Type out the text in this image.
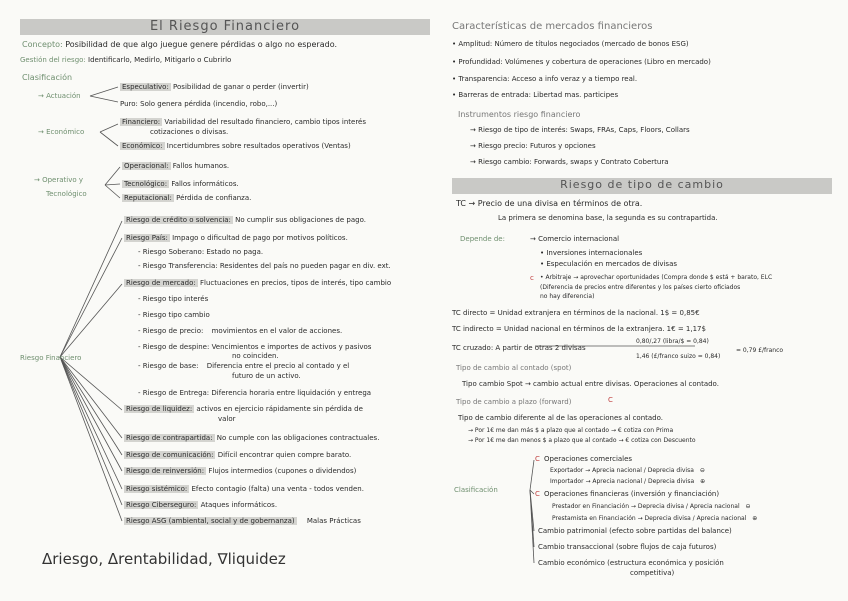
El Riesgo Financiero
Concepto: Posibilidad de que algo juegue genere pérdidas o algo no esperado.
Gestión del riesgo: Identificarlo, Medirlo, Mitigarlo o Cubrirlo
Clasificación
→ Actuación
Especulativo: Posibilidad de ganar o perder (invertir)
Puro: Solo genera pérdida (incendio, robo,...)
→ Económico
Financiero: Variabilidad del resultado financiero, cambio tipos interés
cotizaciones o divisas.
Económico: Incertidumbres sobre resultados operativos (Ventas)
→ Operativo y
Tecnológico
Operacional: Fallos humanos.
Tecnológico: Fallos informáticos.
Reputacional: Pérdida de confianza.
Riesgo Financiero
Riesgo de crédito o solvencia: No cumplir sus obligaciones de pago.
Riesgo País: Impago o dificultad de pago por motivos políticos.
- Riesgo Soberano: Estado no paga.
- Riesgo Transferencia: Residentes del país no pueden pagar en div. ext.
Riesgo de mercado: Fluctuaciones en precios, tipos de interés, tipo cambio
- Riesgo tipo interés
- Riesgo tipo cambio
- Riesgo de precio: movimientos en el valor de acciones.
- Riesgo de despine: Vencimientos e importes de activos y pasivos
no coinciden.
- Riesgo de base: Diferencia entre el precio al contado y el
futuro de un activo.
- Riesgo de Entrega: Diferencia horaria entre liquidación y entrega
Riesgo de liquidez: activos en ejercicio rápidamente sin pérdida de
valor
Riesgo de contrapartida: No cumple con las obligaciones contractuales.
Riesgo de comunicación: Difícil encontrar quien compre barato.
Riesgo de reinversión: Flujos intermedios (cupones o dividendos)
Riesgo sistémico: Efecto contagio (falta) una venta - todos venden.
Riesgo Ciberseguro: Ataques informáticos.
Riesgo ASG (ambiental, social y de gobernanza) Malas Prácticas
Δriesgo, Δrentabilidad, ∇liquidez
Características de mercados financieros
• Amplitud: Número de títulos negociados (mercado de bonos ESG)
• Profundidad: Volúmenes y cobertura de operaciones (Libro en mercado)
• Transparencia: Acceso a info veraz y a tiempo real.
• Barreras de entrada: Libertad mas. participes
Instrumentos riesgo financiero
→ Riesgo de tipo de interés: Swaps, FRAs, Caps, Floors, Collars
→ Riesgo precio: Futuros y opciones
→ Riesgo cambio: Forwards, swaps y Contrato Cobertura
Riesgo de tipo de cambio
TC → Precio de una divisa en términos de otra.
La primera se denomina base, la segunda es su contrapartida.
Depende de:	→ Comercio internacional
• Inversiones internacionales
• Especulación en mercados de divisas
c • Arbitraje → aprovechar oportunidades (Compra donde $ está + barato, ELC
(Diferencia de precios entre diferentes y los países cierto oficiados
no hay diferencia)
TC directo = Unidad extranjera en términos de la nacional. 1$ = 0,85€
TC indirecto = Unidad nacional en términos de la extranjera. 1€ = 1,17$
TC cruzado: A partir de otras 2 divisas
0,80/,27 (libra/$ = 0,84)
1,46 (£/franco suizo = 0,84)
= 0,79 £/franco
Tipo de cambio al contado (spot)
Tipo cambio Spot → cambio actual entre divisas. Operaciones al contado.
Tipo de cambio a plazo (forward)	C
Tipo de cambio diferente al de las operaciones al contado.
→ Por 1€ me dan más $ a plazo que al contado → € cotiza con Prima
→ Por 1€ me dan menos $ a plazo que al contado → € cotiza con Descuento
Clasificación
C Operaciones comerciales
Exportador → Aprecia nacional / Deprecia divisa ⊖
Importador → Aprecia nacional / Deprecia divisa ⊕
C Operaciones financieras (inversión y financiación)
Prestador en Financiación → Deprecia divisa / Aprecia nacional ⊖
Prestamista en Financiación → Deprecia divisa / Aprecia nacional ⊕
Cambio patrimonial (efecto sobre partidas del balance)
Cambio transaccional (sobre flujos de caja futuros)
Cambio económico (estructura económica y posición
competitiva)
